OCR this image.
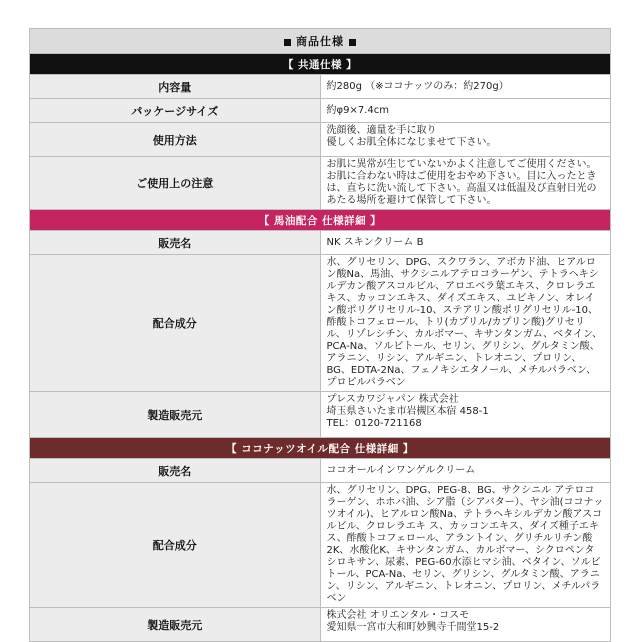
商品仕様	
【 共通仕様 】	
内容量	約280g （※ココナッツのみ：約270g）
パッケージサイズ	約φ9×7.4cm
使用方法	洗顔後、適量を手に取り
優しくお肌全体になじませて下さい。
ご使用上の注意	お肌に異常が生じていないかよく注意してご使用ください。お肌に合わない時はご使用をおやめ下さい。目に入ったときは、直ちに洗い流して下さい。高温又は低温及び直射日光のあたる場所を避けて保管して下さい。
【 馬油配合 仕様詳細 】	
販売名	NK スキンクリーム B
配合成分	水、グリセリン、DPG、スクワラン、アボカド油、ヒアルロン酸Na、馬油、サクシニルアテロコラーゲン、テトラヘキシルデカン酸アスコルビル、アロエベラ葉エキス、クロレラエキス、カッコンエキス、ダイズエキス、ユビキノン、オレイン酸ポリグリセリル-10、ステアリン酸ポリグリセリル-10、酢酸トコフェロール、トリ(カプリル/カプリン酸)グリセリル、リゾレシチン、カルボマー、キサンタンガム、ベタイン、PCA-Na、ソルビトール、セリン、グリシン、グルタミン酸、アラニン、リシン、アルギニン、トレオニン、プロリン、BG、EDTA-2Na、フェノキシエタノール、メチルパラベン、プロピルパラベン
製造販売元	プレスカワジャパン 株式会社
埼玉県さいたま市岩槻区本宿 458-1
TEL：0120-721168
【 ココナッツオイル配合 仕様詳細 】	
販売名	ココオールインワンゲルクリーム
配合成分	水、グリセリン、DPG、PEG-8、BG、サクシニル アテロコラーゲン、ホホバ油、シア脂（シアバター）、ヤシ油(ココナッツオイル)、ヒアルロン酸Na、テトラヘキシルデカン酸アスコルビル、クロレラエキ ス、カッコンエキス、ダイズ種子エキス、酢酸トコフェロール、アラントイン、グリチルリチン酸2K、水酸化K、キサンタンガム、カルボマー、シクロペンタ シロキサン、尿素、PEG-60水添ヒマシ油、ベタイン、ソルビトール、PCA-Na、セリン、グリシン、グルタミン酸、アラニン、リシン、アルギニン、トレオニン、プロリン、メチルパラベン
製造販売元	株式会社 オリエンタル・コスモ
愛知県一宮市大和町妙興寺千間堂15-2
